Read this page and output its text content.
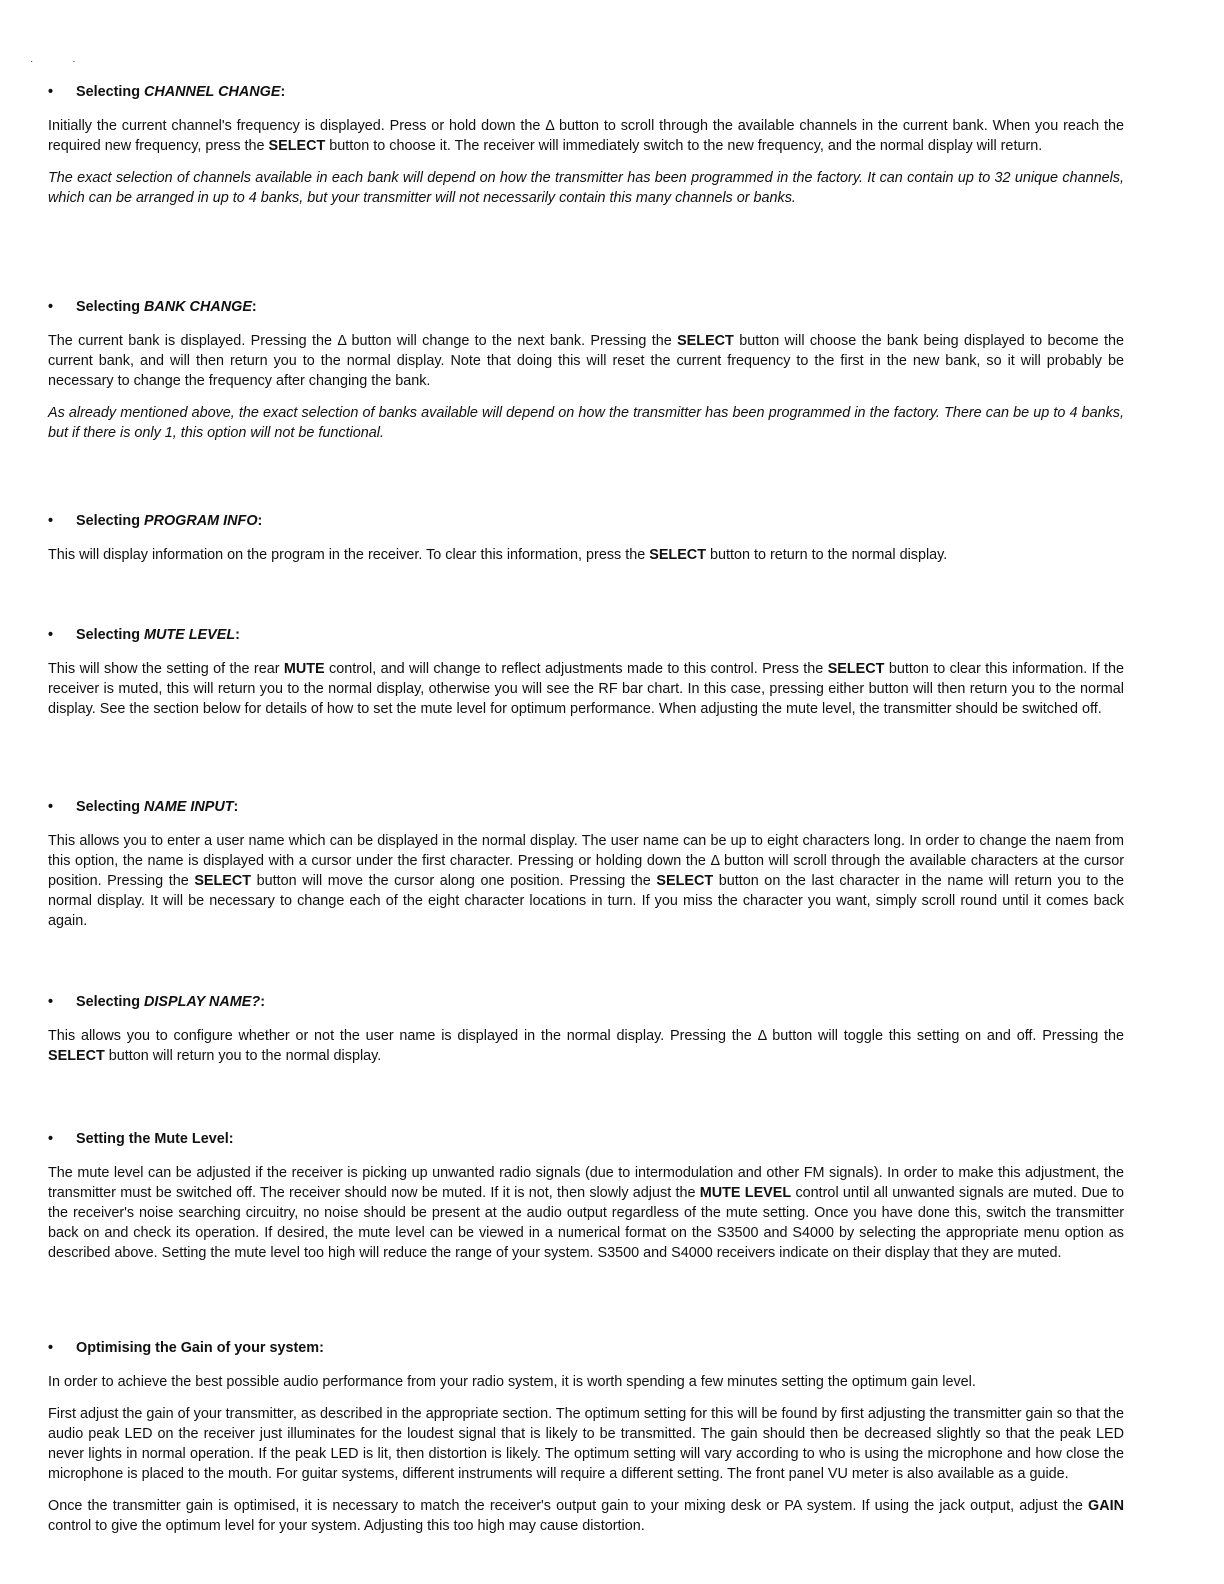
·              ·
•	Selecting CHANNEL CHANGE:

Initially the current channel's frequency is displayed. Press or hold down the Δ button to scroll through the available channels in the current bank. When you reach the required new frequency, press the SELECT button to choose it. The receiver will immediately switch to the new frequency, and the normal display will return.

The exact selection of channels available in each bank will depend on how the transmitter has been programmed in the factory. It can contain up to 32 unique channels, which can be arranged in up to 4 banks, but your transmitter will not necessarily contain this many channels or banks.

•	Selecting BANK CHANGE:

The current bank is displayed. Pressing the Δ button will change to the next bank. Pressing the SELECT button will choose the bank being displayed to become the current bank, and will then return you to the normal display. Note that doing this will reset the current frequency to the first in the new bank, so it will probably be necessary to change the frequency after changing the bank.

As already mentioned above, the exact selection of banks available will depend on how the transmitter has been programmed in the factory. There can be up to 4 banks, but if there is only 1, this option will not be functional.

•	Selecting PROGRAM INFO:

This will display information on the program in the receiver. To clear this information, press the SELECT button to return to the normal display.

•	Selecting MUTE LEVEL:

This will show the setting of the rear MUTE control, and will change to reflect adjustments made to this control. Press the SELECT button to clear this information. If the receiver is muted, this will return you to the normal display, otherwise you will see the RF bar chart. In this case, pressing either button will then return you to the normal display. See the section below for details of how to set the mute level for optimum performance. When adjusting the mute level, the transmitter should be switched off.

•	Selecting NAME INPUT:

This allows you to enter a user name which can be displayed in the normal display. The user name can be up to eight characters long. In order to change the naem from this option, the name is displayed with a cursor under the first character. Pressing or holding down the Δ button will scroll through the available characters at the cursor position. Pressing the SELECT button will move the cursor along one position. Pressing the SELECT button on the last character in the name will return you to the normal display. It will be necessary to change each of the eight character locations in turn. If you miss the character you want, simply scroll round until it comes back again.

•	Selecting DISPLAY NAME?:

This allows you to configure whether or not the user name is displayed in the normal display. Pressing the Δ button will toggle this setting on and off. Pressing the SELECT button will return you to the normal display.

•	Setting the Mute Level:

The mute level can be adjusted if the receiver is picking up unwanted radio signals (due to intermodulation and other FM signals). In order to make this adjustment, the transmitter must be switched off. The receiver should now be muted. If it is not, then slowly adjust the MUTE LEVEL control until all unwanted signals are muted. Due to the receiver's noise searching circuitry, no noise should be present at the audio output regardless of the mute setting. Once you have done this, switch the transmitter back on and check its operation. If desired, the mute level can be viewed in a numerical format on the S3500 and S4000 by selecting the appropriate menu option as described above. Setting the mute level too high will reduce the range of your system. S3500 and S4000 receivers indicate on their display that they are muted.

•	Optimising the Gain of your system:

In order to achieve the best possible audio performance from your radio system, it is worth spending a few minutes setting the optimum gain level.

First adjust the gain of your transmitter, as described in the appropriate section. The optimum setting for this will be found by first adjusting the transmitter gain so that the audio peak LED on the receiver just illuminates for the loudest signal that is likely to be transmitted. The gain should then be decreased slightly so that the peak LED never lights in normal operation. If the peak LED is lit, then distortion is likely. The optimum setting will vary according to who is using the microphone and how close the microphone is placed to the mouth. For guitar systems, different instruments will require a different setting. The front panel VU meter is also available as a guide.

Once the transmitter gain is optimised, it is necessary to match the receiver's output gain to your mixing desk or PA system. If using the jack output, adjust the GAIN control to give the optimum level for your system. Adjusting this too high may cause distortion.
